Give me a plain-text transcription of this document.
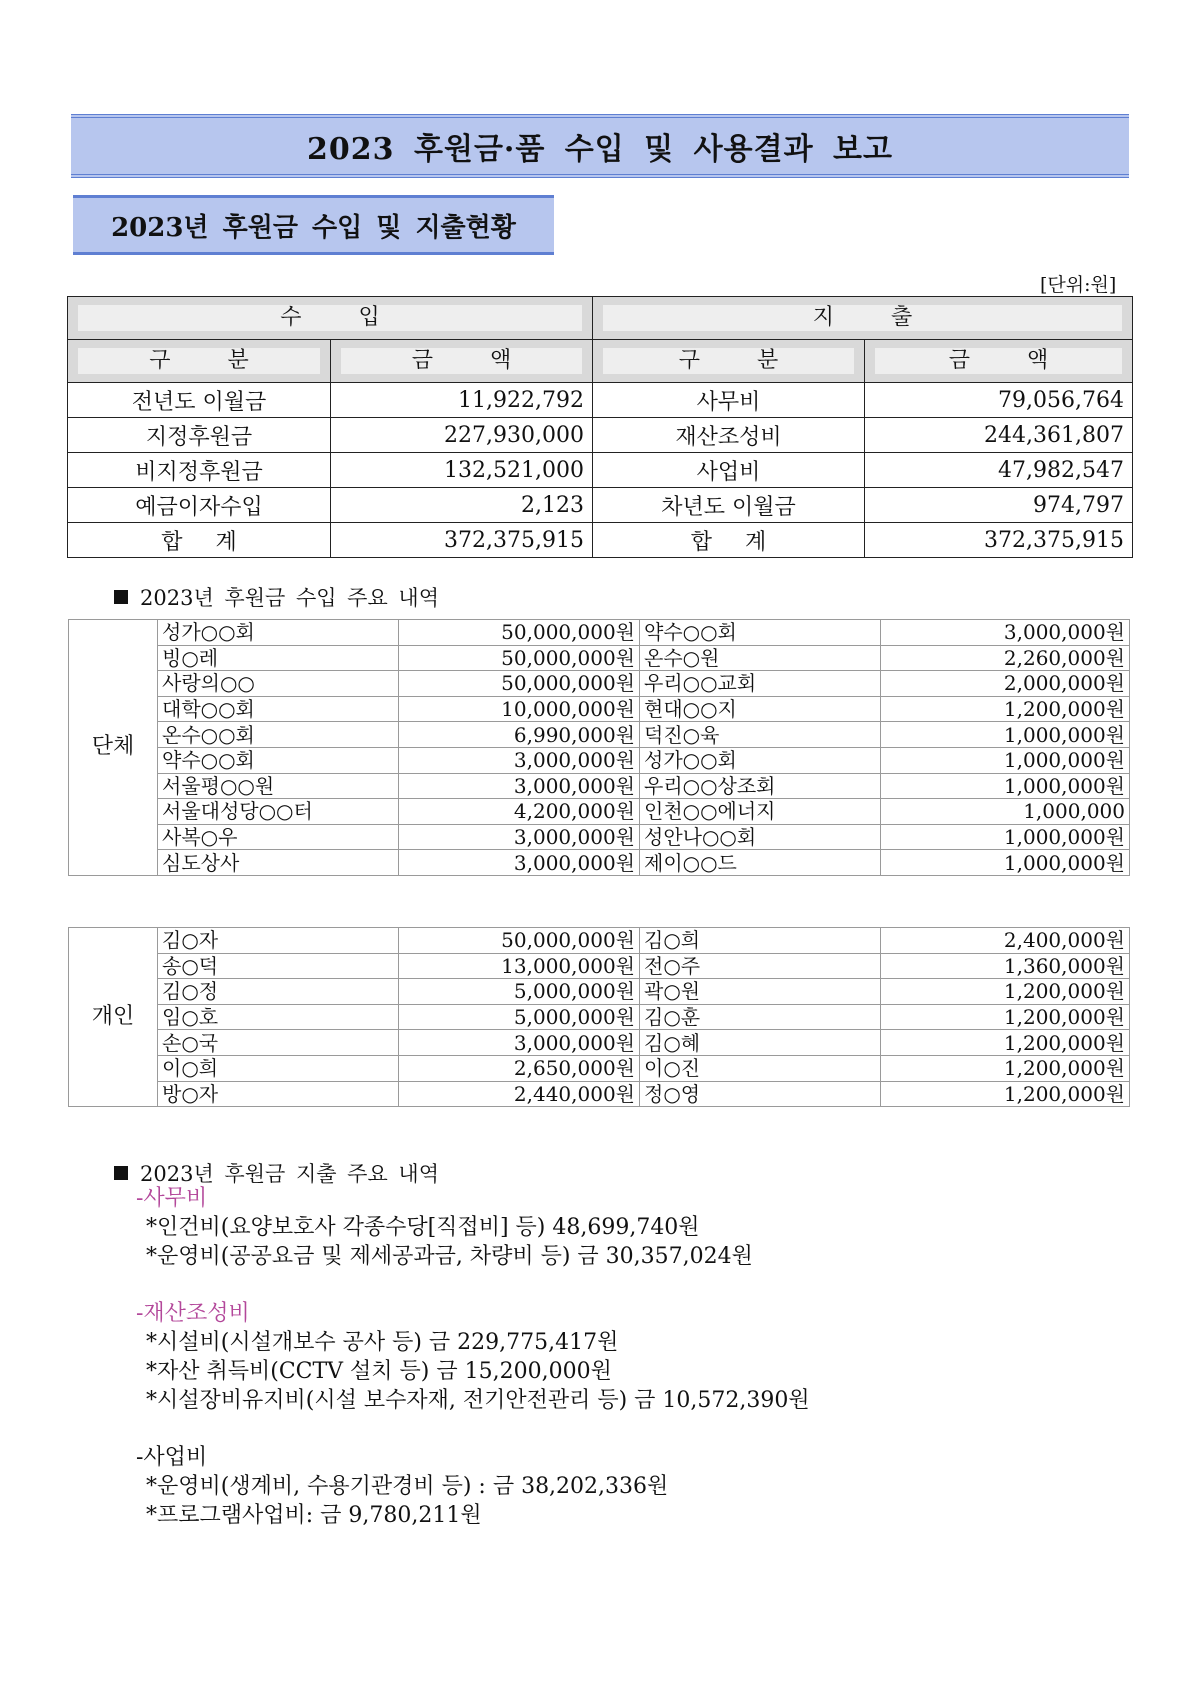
2023 후원금·품 수입 및 사용결과 보고
2023년 후원금 수입 및 지출현황
[단위:원]
수 입		지 출	

구 분	금 액	구 분	금 액

전년도 이월금	11,922,792	사무비	79,056,764
지정후원금	227,930,000	재산조성비	244,361,807
비지정후원금	132,521,000	사업비	47,982,547
예금이자수입	2,123	차년도 이월금	974,797
합 계	372,375,915	합 계	372,375,915
2023년 후원금 수입 주요 내역
단체	성가○○회	50,000,000원	약수○○회	3,000,000원
	빙○레	50,000,000원	온수○원	2,260,000원
	사랑의○○	50,000,000원	우리○○교회	2,000,000원
	대학○○회	10,000,000원	현대○○지	1,200,000원
	온수○○회	6,990,000원	덕진○육	1,000,000원
	약수○○회	3,000,000원	성가○○회	1,000,000원
	서울평○○원	3,000,000원	우리○○상조회	1,000,000원
	서울대성당○○터	4,200,000원	인천○○에너지	1,000,000
	사복○우	3,000,000원	성안나○○회	1,000,000원
	심도상사	3,000,000원	제이○○드	1,000,000원
개인	김○자	50,000,000원	김○희	2,400,000원
	송○덕	13,000,000원	전○주	1,360,000원
	김○정	5,000,000원	곽○원	1,200,000원
	임○호	5,000,000원	김○훈	1,200,000원
	손○국	3,000,000원	김○혜	1,200,000원
	이○희	2,650,000원	이○진	1,200,000원
	방○자	2,440,000원	정○영	1,200,000원
2023년 후원금 지출 주요 내역
-사무비
*인건비(요양보호사 각종수당[직접비] 등) 48,699,740원
*운영비(공공요금 및 제세공과금, 차량비 등) 금 30,357,024원
-재산조성비
*시설비(시설개보수 공사 등) 금 229,775,417원
*자산 취득비(CCTV 설치 등) 금 15,200,000원
*시설장비유지비(시설 보수자재, 전기안전관리 등) 금 10,572,390원
-사업비
*운영비(생계비, 수용기관경비 등) : 금 38,202,336원
*프로그램사업비: 금 9,780,211원
